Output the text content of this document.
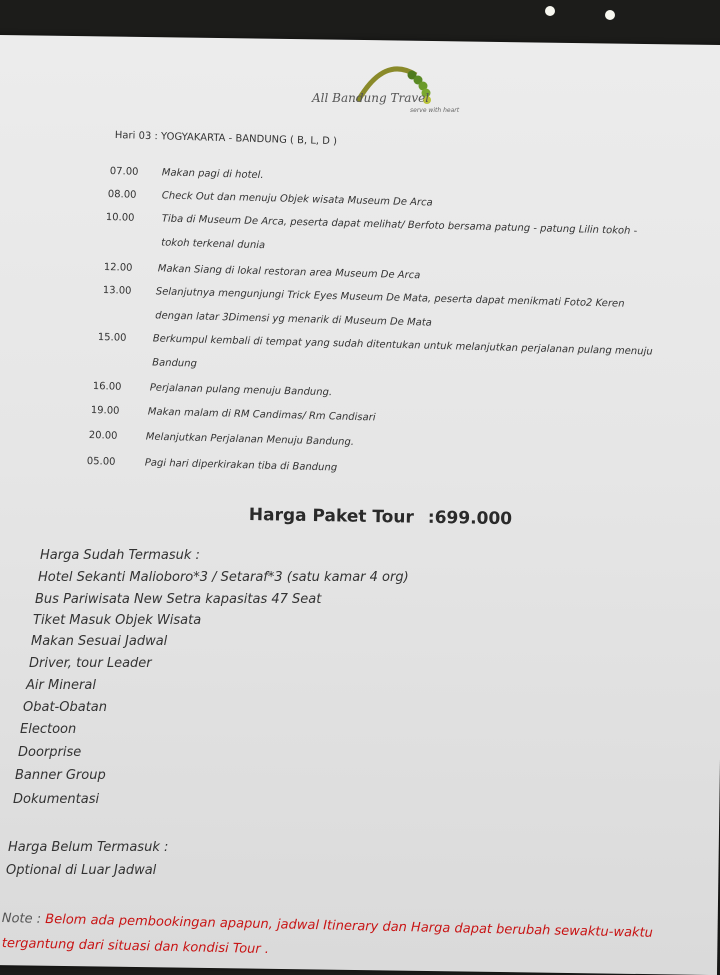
All Bandung Travel
serve with heart
Hari 03 : YOGYAKARTA - BANDUNG ( B, L, D )
07.00 Makan pagi di hotel.
08.00	Check Out dan menuju Objek wisata Museum De Arca
10.00	Tiba di Museum De Arca, peserta dapat melihat/ Berfoto bersama patung - patung Lilin tokoh -
tokoh terkenal dunia
12.00	Makan Siang di lokal restoran area Museum De Arca
13.00 Selanjutnya mengunjungi Trick Eyes Museum De Mata, peserta dapat menikmati Foto2 Keren
dengan latar 3Dimensi yg menarik di Museum De Mata
15.00	Berkumpul kembali di tempat yang sudah ditentukan untuk melanjutkan perjalanan pulang menuju
Bandung
16.00	Perjalanan pulang menuju Bandung.
19.00	Makan malam di RM Candimas/ Rm Candisari
20.00	Melanjutkan Perjalanan Menuju Bandung.
05.00	Pagi hari diperkirakan tiba di Bandung
Harga Paket Tour :699.000
Harga Sudah Termasuk :
Hotel Sekanti Malioboro*3 / Setaraf*3 (satu kamar 4 org)
Bus Pariwisata New Setra kapasitas 47 Seat
Tiket Masuk Objek Wisata
Makan Sesuai Jadwal
Driver, tour Leader
Air Mineral
Obat-Obatan
Electoon
Doorprise
Banner Group
Dokumentasi
Harga Belum Termasuk :
Optional di Luar Jadwal
Note : Belom ada pembookingan apapun, jadwal Itinerary dan Harga dapat berubah sewaktu-waktu
tergantung dari situasi dan kondisi Tour .
